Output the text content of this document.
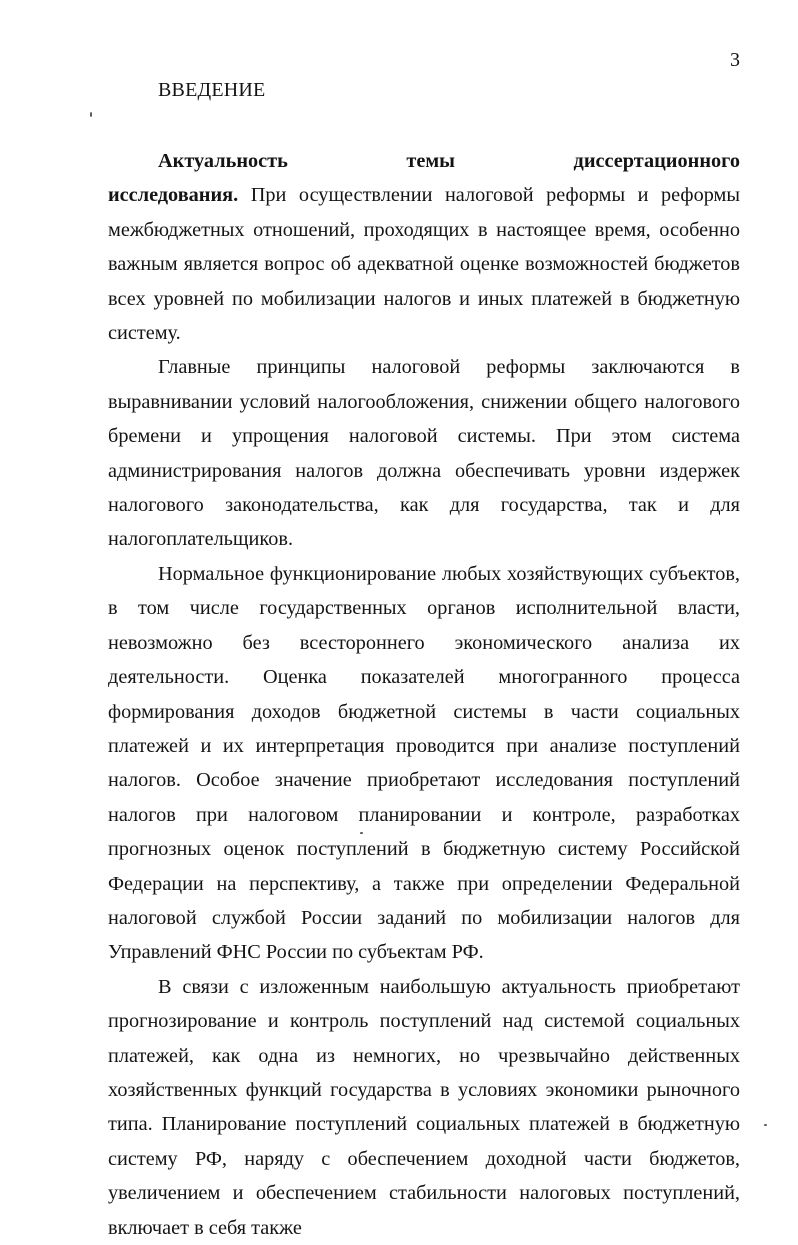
3
ВВЕДЕНИЕ

Актуальность темы диссертационного исследования. При осуществлении налоговой реформы и реформы межбюджетных отношений, проходящих в настоящее время, особенно важным является вопрос об адекватной оценке возможностей бюджетов всех уровней по мобилизации налогов и иных платежей в бюджетную систему.

Главные принципы налоговой реформы заключаются в выравнивании условий налогообложения, снижении общего налогового бремени и упрощения налоговой системы. При этом система администрирования налогов должна обеспечивать уровни издержек налогового законодательства, как для государства, так и для налогоплательщиков.

Нормальное функционирование любых хозяйствующих субъектов, в том числе государственных органов исполнительной власти, невозможно без всестороннего экономического анализа их деятельности. Оценка показателей многогранного процесса формирования доходов бюджетной системы в части социальных платежей и их интерпретация проводится при анализе поступлений налогов. Особое значение приобретают исследования поступлений налогов при налоговом планировании и контроле, разработках прогнозных оценок поступлений в бюджетную систему Российской Федерации на перспективу, а также при определении Федеральной налоговой службой России заданий по мобилизации налогов для Управлений ФНС России по субъектам РФ.

В связи с изложенным наибольшую актуальность приобретают прогнозирование и контроль поступлений над системой социальных платежей, как одна из немногих, но чрезвычайно действенных хозяйственных функций государства в условиях экономики рыночного типа. Планирование поступлений социальных платежей в бюджетную систему РФ, наряду с обеспечением доходной части бюджетов, увеличением и обеспечением стабильности налоговых поступлений, включает в себя также
